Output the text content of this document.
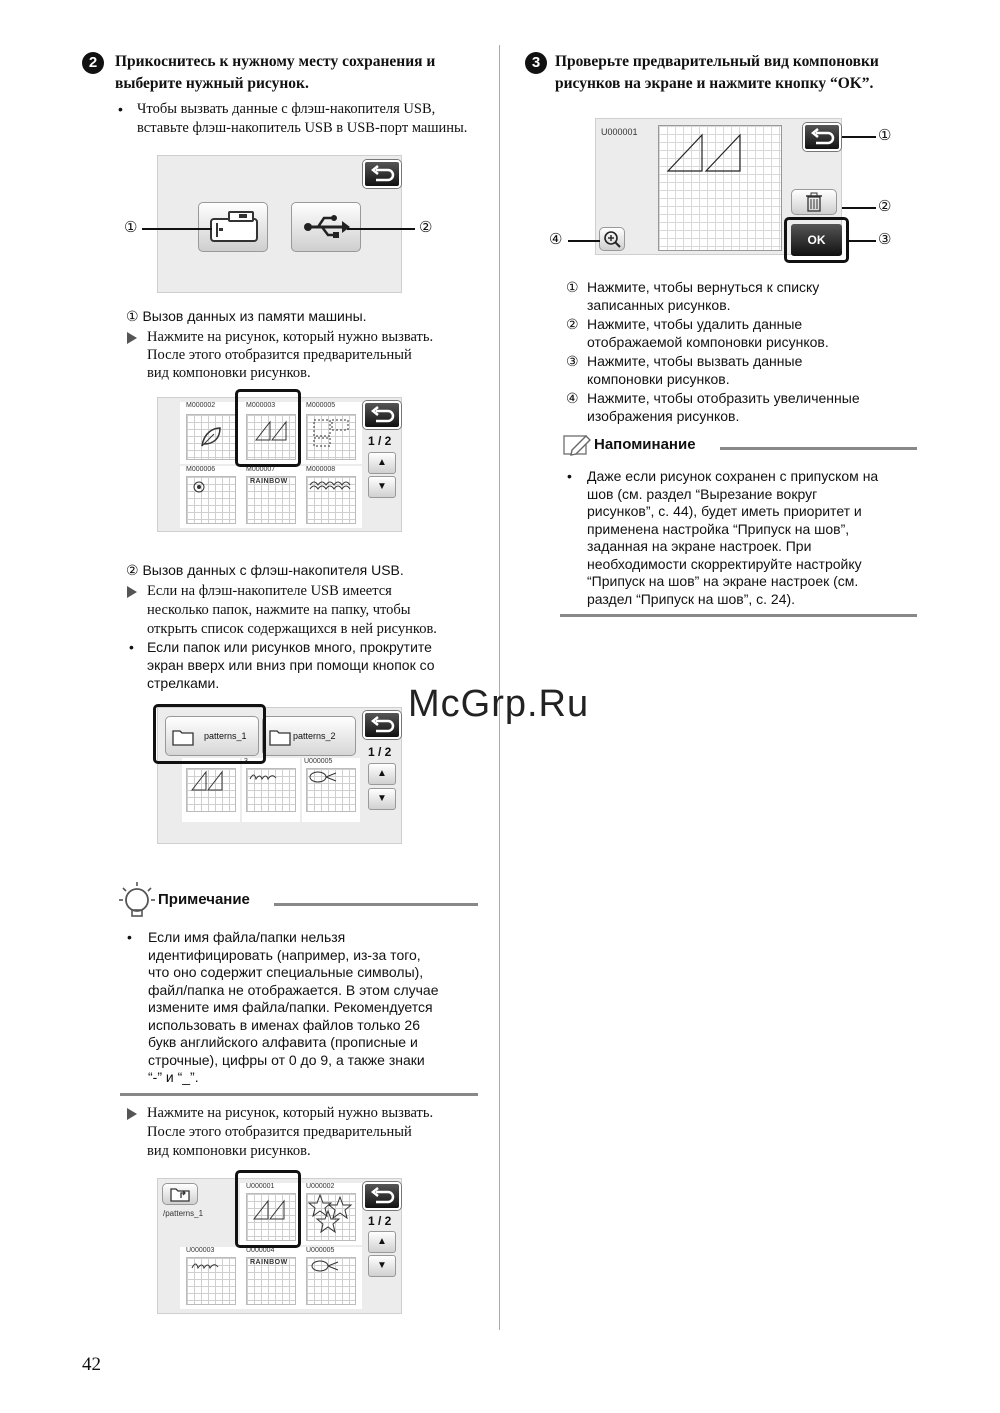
2	Прикоснитесь к нужному месту сохранения и
выберите нужный рисунок.
• Чтобы вызвать данные с флэш-накопителя USB,
вставьте флэш-накопитель USB в USB-порт машины.
①	②
① Вызов данных из памяти машины.
Нажмите на рисунок, который нужно вызвать.
После этого отобразится предварительный
вид компоновки рисунков.
M000002	M000003	M000005
M000006	M000007
RAINBOW
M000008
1 / 2
▲
▼
② Вызов данных с флэш-накопителя USB.
Если на флэш-накопителе USB имеется
несколько папок, нажмите на папку, чтобы
открыть список содержащихся в ней рисунков.
• Если папок или рисунков много, прокрутите
экран вверх или вниз при помощи кнопок со
стрелками.
patterns_1	patterns_2
3	U000005
1 / 2
▲
▼
Примечание
• Если имя файла/папки нельзя
идентифицировать (например, из-за того,
что оно содержит специальные символы),
файл/папка не отображается. В этом случае
измените имя файла/папки. Рекомендуется
использовать в именах файлов только 26
букв английского алфавита (прописные и
строчные), цифры от 0 до 9, а также знаки
“-” и “_”.
Нажмите на рисунок, который нужно вызвать.
После этого отобразится предварительный
вид компоновки рисунков.
/patterns_1
U000001	U000002
U000003	U000004
RAINBOW
U000005
1 / 2
▲
▼
3 Проверьте предварительный вид компоновки
рисунков на экране и нажмите кнопку “OK”.
U000001
OK
①
②
③
④
① Нажмите, чтобы вернуться к списку
записанных рисунков.
② Нажмите, чтобы удалить данные
отображаемой компоновки рисунков.
③ Нажмите, чтобы вызвать данные
компоновки рисунков.
④ Нажмите, чтобы отобразить увеличенные
изображения рисунков.
Напоминание
• Даже если рисунок сохранен с припуском на
шов (см. раздел “Вырезание вокруг
рисунков”, с. 44), будет иметь приоритет и
применена настройка “Припуск на шов”,
заданная на экране настроек. При
необходимости скорректируйте настройку
“Припуск на шов” на экране настроек (см.
раздел “Припуск на шов”, с. 24).
McGrp.Ru
42
